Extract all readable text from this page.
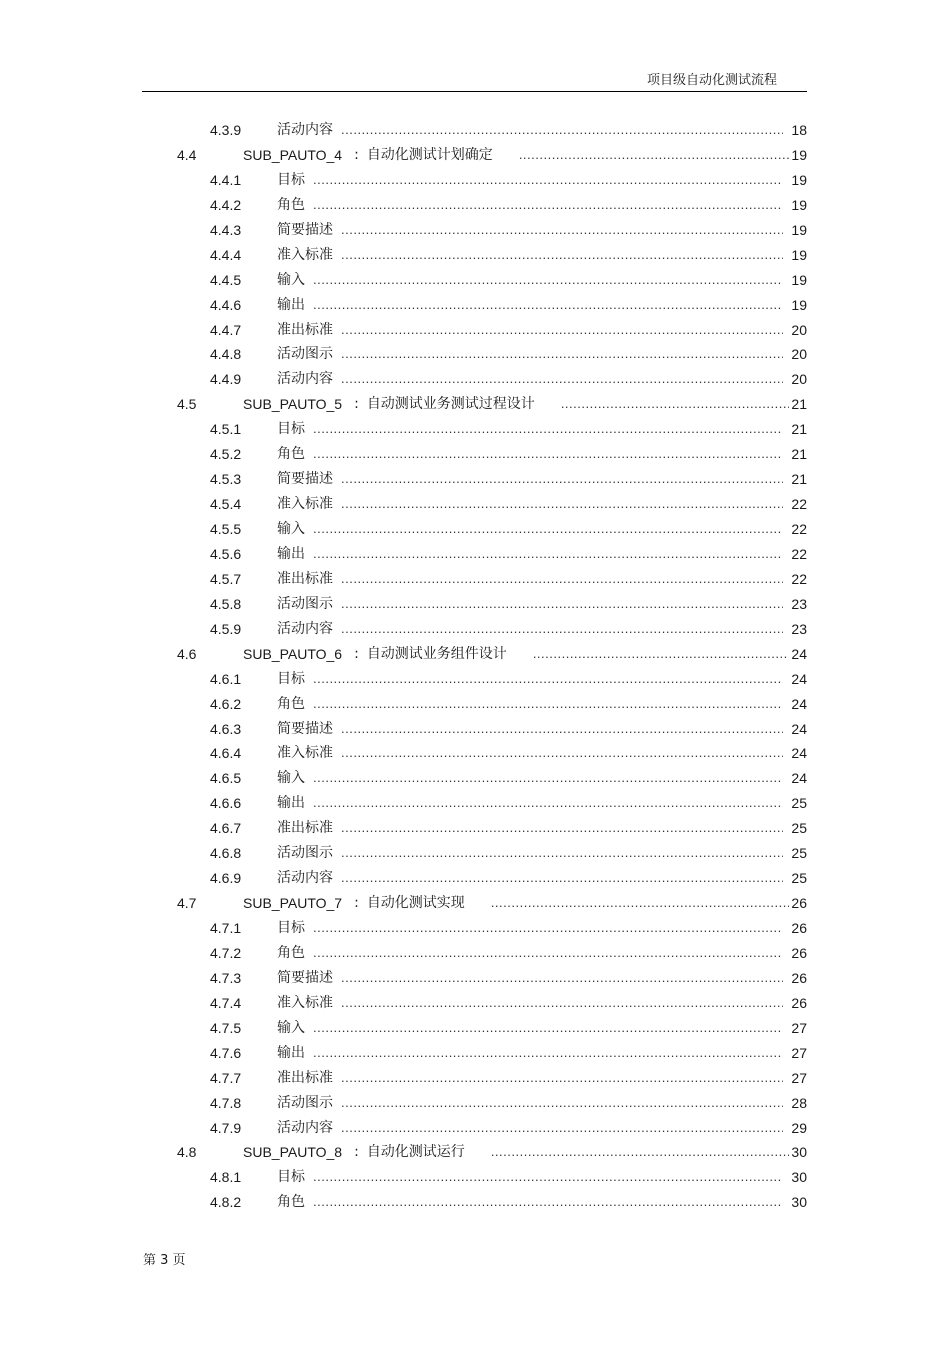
项目级自动化测试流程
4.3.9	活动内容 .....	18
4.4	SUB_PAUTO_4 : 自动化测试计划确定 .....	19
4.4.1	目标 .....	19
4.4.2	角色 .....	19
4.4.3	简要描述 .....	19
4.4.4	准入标准 .....	19
4.4.5	输入 .....	19
4.4.6	输出 .....	19
4.4.7	准出标准 .....	20
4.4.8	活动图示 .....	20
4.4.9	活动内容 .....	20
4.5	SUB_PAUTO_5 : 自动测试业务测试过程设计 .....	21
4.5.1	目标 .....	21
4.5.2	角色 .....	21
4.5.3	简要描述 .....	21
4.5.4	准入标准 .....	22
4.5.5	输入 .....	22
4.5.6	输出 .....	22
4.5.7	准出标准 .....	22
4.5.8	活动图示 .....	23
4.5.9	活动内容 .....	23
4.6	SUB_PAUTO_6 : 自动测试业务组件设计 .....	24
4.6.1	目标 .....	24
4.6.2	角色 .....	24
4.6.3	简要描述 .....	24
4.6.4	准入标准 .....	24
4.6.5	输入 .....	24
4.6.6	输出 .....	25
4.6.7	准出标准 .....	25
4.6.8	活动图示 .....	25
4.6.9	活动内容 .....	25
4.7	SUB_PAUTO_7 : 自动化测试实现 .....	26
4.7.1	目标 .....	26
4.7.2	角色 .....	26
4.7.3	简要描述 .....	26
4.7.4	准入标准 .....	26
4.7.5	输入 .....	27
4.7.6	输出 .....	27
4.7.7	准出标准 .....	27
4.7.8	活动图示 .....	28
4.7.9	活动内容 .....	29
4.8	SUB_PAUTO_8 : 自动化测试运行 .....	30
4.8.1	目标 .....	30
4.8.2	角色 .....	30
第 3 页
